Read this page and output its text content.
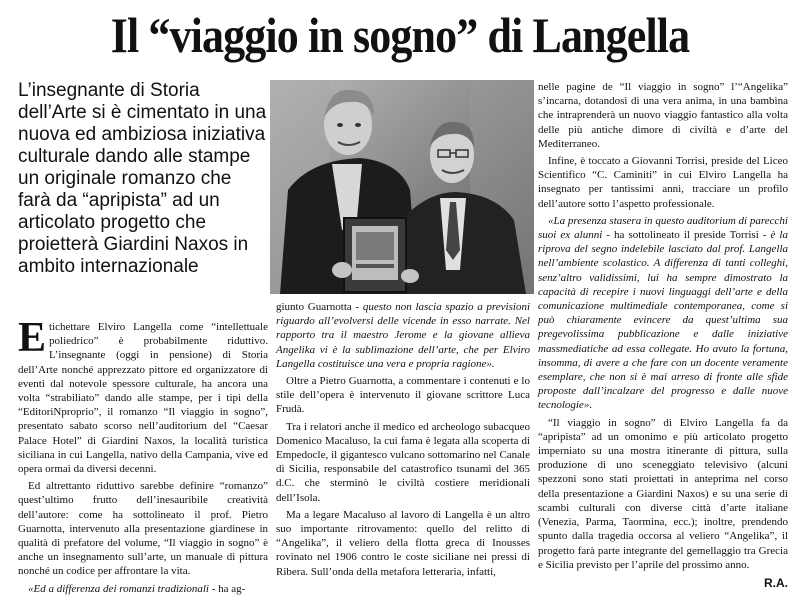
Il “viaggio in sogno” di Langella

L’insegnante di Storia dell’Arte si è cimentato in una nuova ed ambiziosa iniziativa culturale dando alle stampe un originale romanzo che farà da “apripista” ad un articolato progetto che proietterà Giardini Naxos in ambito internazionale

Etichettare Elviro Langella come “intellettuale poliedrico” è probabilmente riduttivo. L’insegnante (oggi in pensione) di Storia dell’Arte nonché apprezzato pittore ed organizzatore di eventi dal notevole spessore culturale, ha ancora una volta “strabiliato” dando alle stampe, per i tipi della “EditoriNproprio”, il romanzo “Il viaggio in sogno”, presentato sabato scorso nell’auditorium del “Caesar Palace Hotel” di Giardini Naxos, la località turistica siciliana in cui Langella, nativo della Campania, vive ed opera ormai da diversi decenni.

Ed altrettanto riduttivo sarebbe definire “romanzo” quest’ultimo frutto dell’inesauribile creatività dell’autore: come ha sottolineato il prof. Pietro Guarnotta, intervenuto alla presentazione giardinese in qualità di prefatore del volume, “Il viaggio in sogno” è anche un insegnamento sull’arte, un manuale di pittura nonché un codice per affrontare la vita.

«Ed a differenza dei romanzi tradizionali - ha ag-

giunto Guarnotta - questo non lascia spazio a previsioni riguardo all’evolversi delle vicende in esso narrate. Nel rapporto tra il maestro Jerome e la giovane allieva Angelika vi è la sublimazione dell’arte, che per Elviro Langella costituisce una vera e propria ragione».

Oltre a Pietro Guarnotta, a commentare i contenuti e lo stile dell’opera è intervenuto il giovane scrittore Luca Frudà.

Tra i relatori anche il medico ed archeologo subacqueo Domenico Macaluso, la cui fama è legata alla scoperta di Empedocle, il gigantesco vulcano sottomarino nel Canale di Sicilia, responsabile del catastrofico tsunami del 365 d.C. che sterminò le civiltà costiere meridionali dell’Isola.

Ma a legare Macaluso al lavoro di Langella è un altro suo importante ritrovamento: quello del relitto di “Angelika”, il veliero della flotta greca di Inousses rovinato nel 1906 contro le coste siciliane nei pressi di Ribera. Sull’onda della metafora letteraria, infatti,

nelle pagine de “Il viaggio in sogno” l’“Angelika” s’incarna, dotandosi di una vera anima, in una bambina che intraprenderà un nuovo viaggio fantastico alla volta delle più antiche dimore di civiltà e d’arte del Mediterraneo.

Infine, è toccato a Giovanni Torrisi, preside del Liceo Scientifico “C. Caminiti” in cui Elviro Langella ha insegnato per tantissimi anni, tracciare un profilo dell’autore sotto l’aspetto professionale.

«La presenza stasera in questo auditorium di parecchi suoi ex alunni - ha sottolineato il preside Torrisi - è la riprova del segno indelebile lasciato dal prof. Langella nell’ambiente scolastico. A differenza di tanti colleghi, senz’altro validissimi, lui ha sempre dimostrato la capacità di recepire i nuovi linguaggi dell’arte e della comunicazione multimediale contemporanea, come si può chiaramente evincere da quest’ultima sua pregevolissima pubblicazione e dalle iniziative massmediatiche ad essa collegate. Ho avuto la fortuna, insomma, di avere a che fare con un docente veramente esemplare, che non si è mai arreso di fronte alle sfide proposte dall’incalzare del progresso e dalle nuove tecnologie».

“Il viaggio in sogno” di Elviro Langella fa da “apripista” ad un omonimo e più articolato progetto imperniato su una mostra itinerante di pittura, sulla produzione di uno sceneggiato televisivo (alcuni spezzoni sono stati proiettati in anteprima nel corso della presentazione a Giardini Naxos) e su una serie di scambi culturali con diverse città d’arte italiane (Venezia, Parma, Taormina, ecc.); inoltre, prendendo spunto dalla tragedia occorsa al veliero “Angelika”, il progetto farà parte integrante del gemellaggio tra Grecia e Sicilia previsto per l’aprile del prossimo anno.

R.A.
